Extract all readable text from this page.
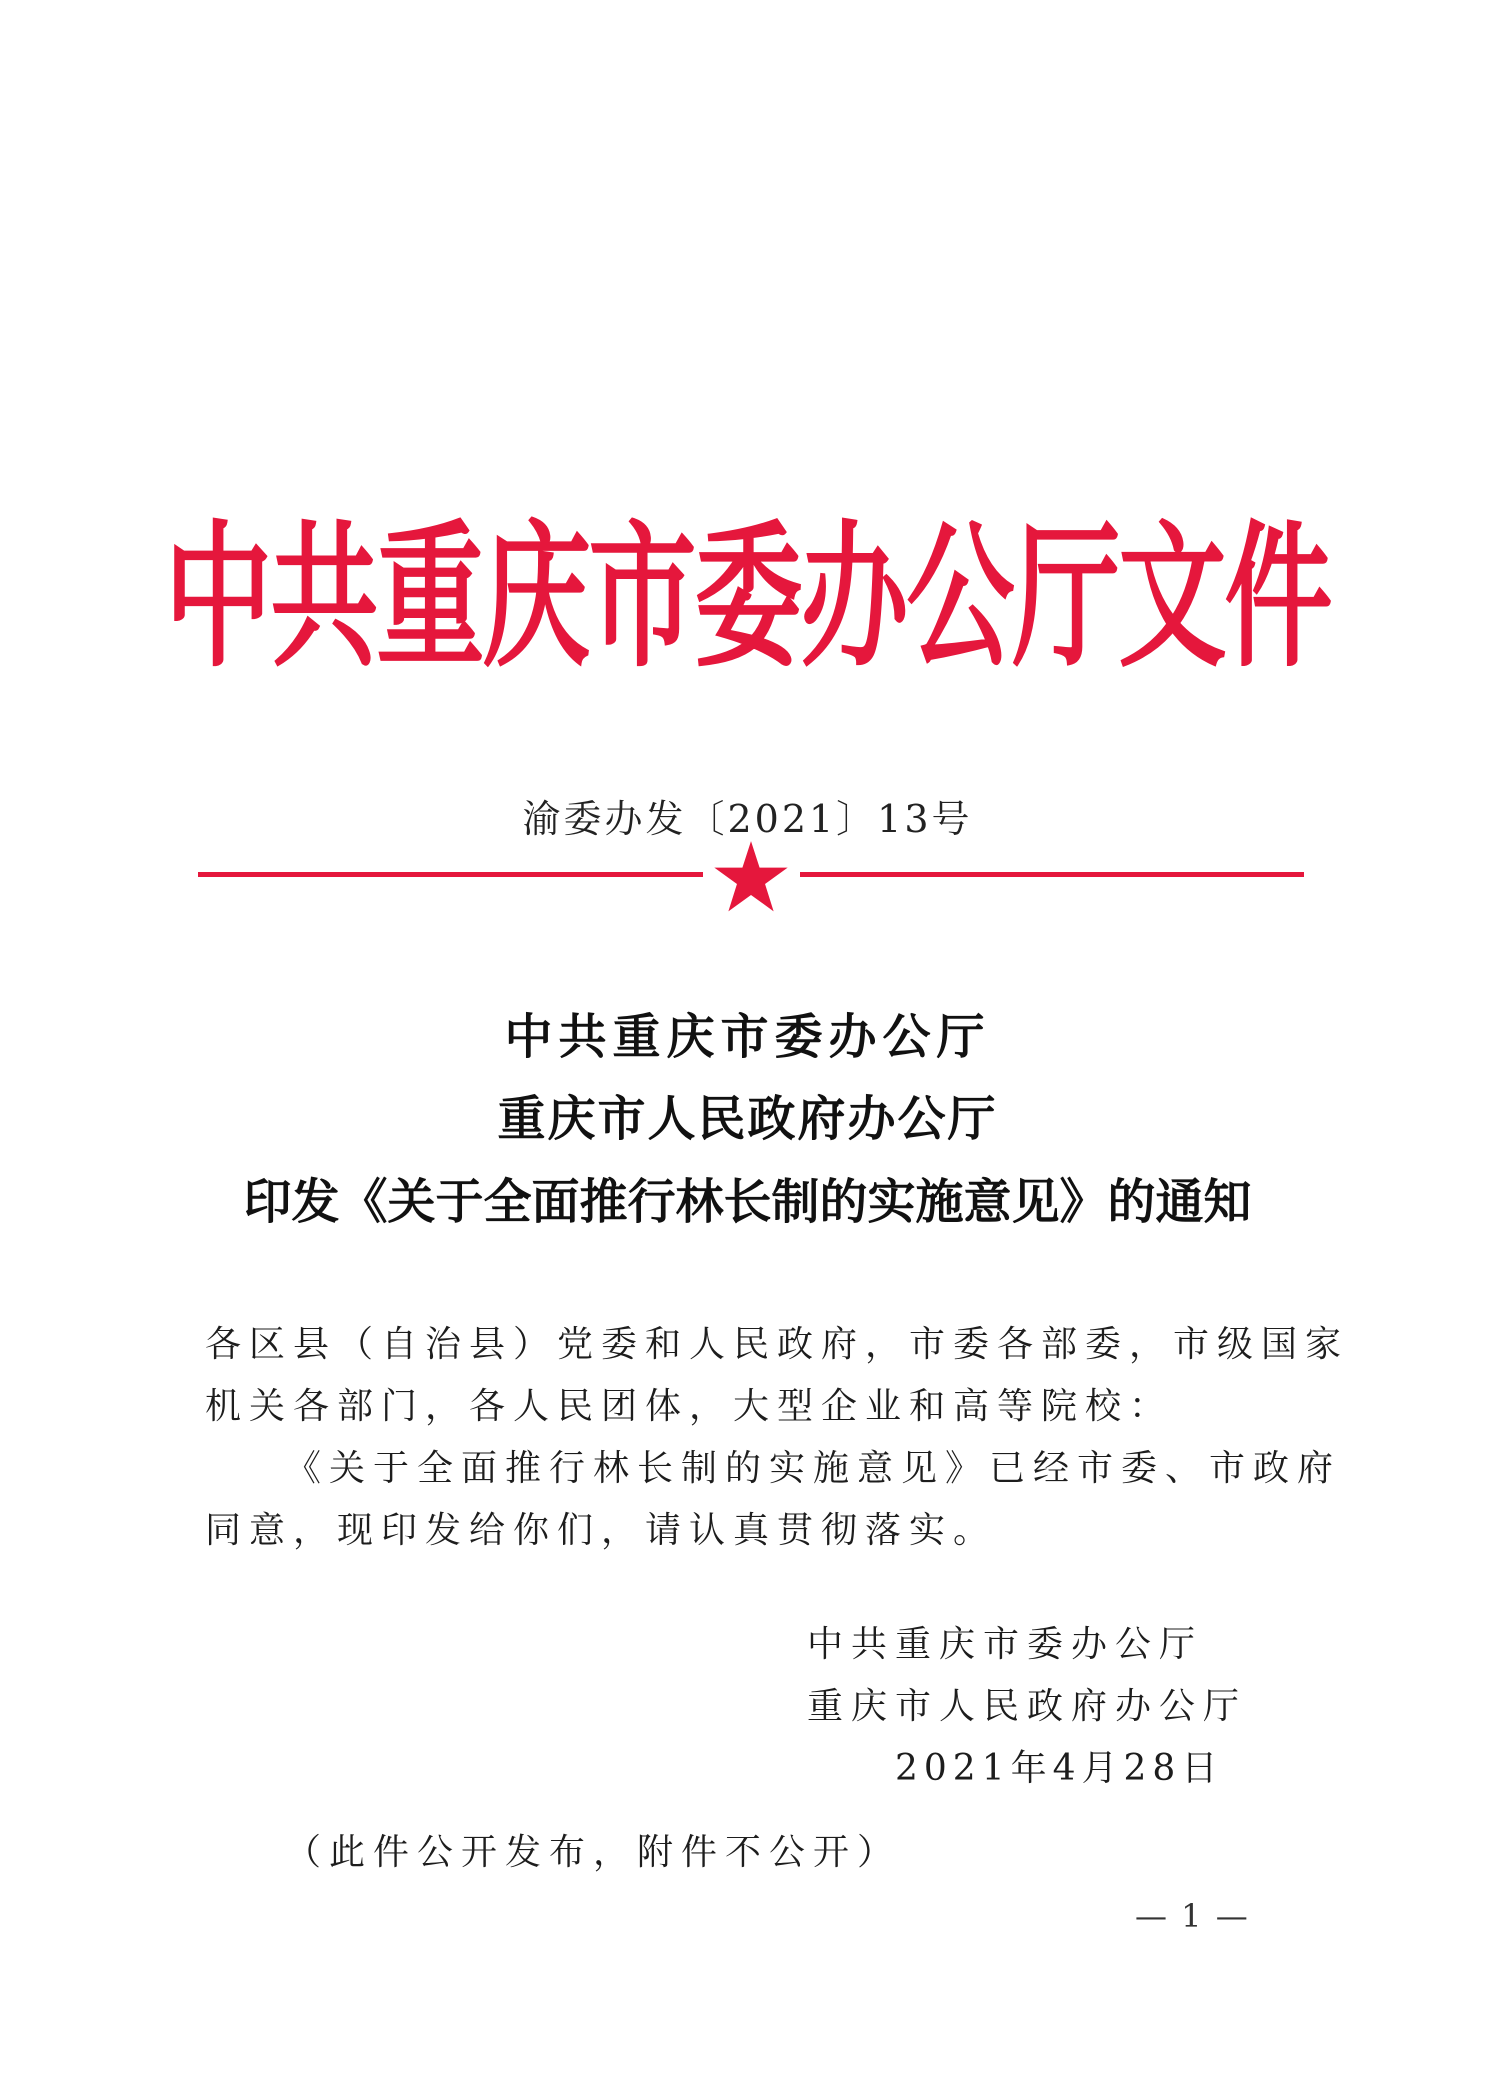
中共重庆市委办公厅文件
渝委办发〔2021〕13号
中共重庆市委办公厅
重庆市人民政府办公厅
印发《关于全面推行林长制的实施意见》的通知
各区县（自治县）党委和人民政府，市委各部委，市级国家
机关各部门，各人民团体，大型企业和高等院校：
《关于全面推行林长制的实施意见》已经市委、市政府
同意，现印发给你们，请认真贯彻落实。
中共重庆市委办公厅
重庆市人民政府办公厅
2021年4月28日
（此件公开发布，附件不公开）
— 1 —
